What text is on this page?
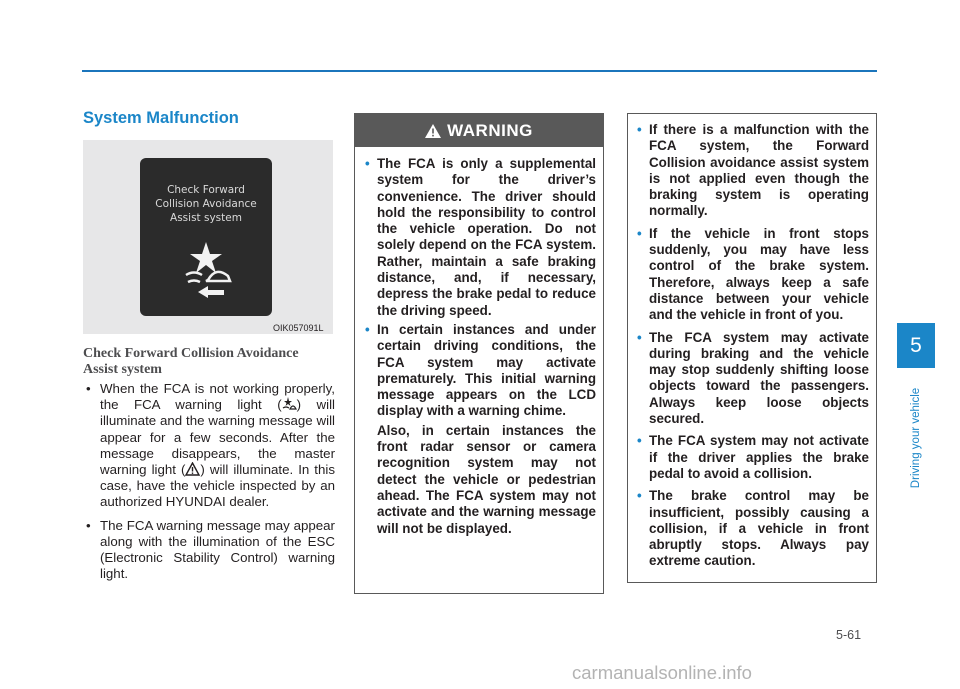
System Malfunction
Check Forward
Collision Avoidance
Assist system
OIK057091L
Check Forward Collision Avoidance Assist system
• When the FCA is not working properly, the FCA warning light ( ) will illuminate and the warning message will appear for a few seconds. After the message disappears, the master warning light ( ) will illuminate. In this case, have the vehicle inspected by an authorized HYUNDAI dealer.
• The FCA warning message may appear along with the illumination of the ESC (Electronic Stability Control) warning light.
WARNING
• The FCA is only a supplemental system for the driver’s convenience. The driver should hold the responsibility to control the vehicle operation. Do not solely depend on the FCA system. Rather, maintain a safe braking distance, and, if necessary, depress the brake pedal to reduce the driving speed.
• In certain instances and under certain driving conditions, the FCA system may activate prematurely. This initial warning message appears on the LCD display with a warning chime.
Also, in certain instances the front radar sensor or camera recognition system may not detect the vehicle or pedestrian ahead. The FCA system may not activate and the warning message will not be displayed.
• If there is a malfunction with the FCA system, the Forward Collision avoidance assist system is not applied even though the braking system is operating normally.
• If the vehicle in front stops suddenly, you may have less control of the brake system. Therefore, always keep a safe distance between your vehicle and the vehicle in front of you.
• The FCA system may activate during braking and the vehicle may stop suddenly shifting loose objects toward the passengers. Always keep loose objects secured.
• The FCA system may not activate if the driver applies the brake pedal to avoid a collision.
• The brake control may be insufficient, possibly causing a collision, if a vehicle in front abruptly stops. Always pay extreme caution.
5
Driving your vehicle
5-61
carmanualsonline.info
